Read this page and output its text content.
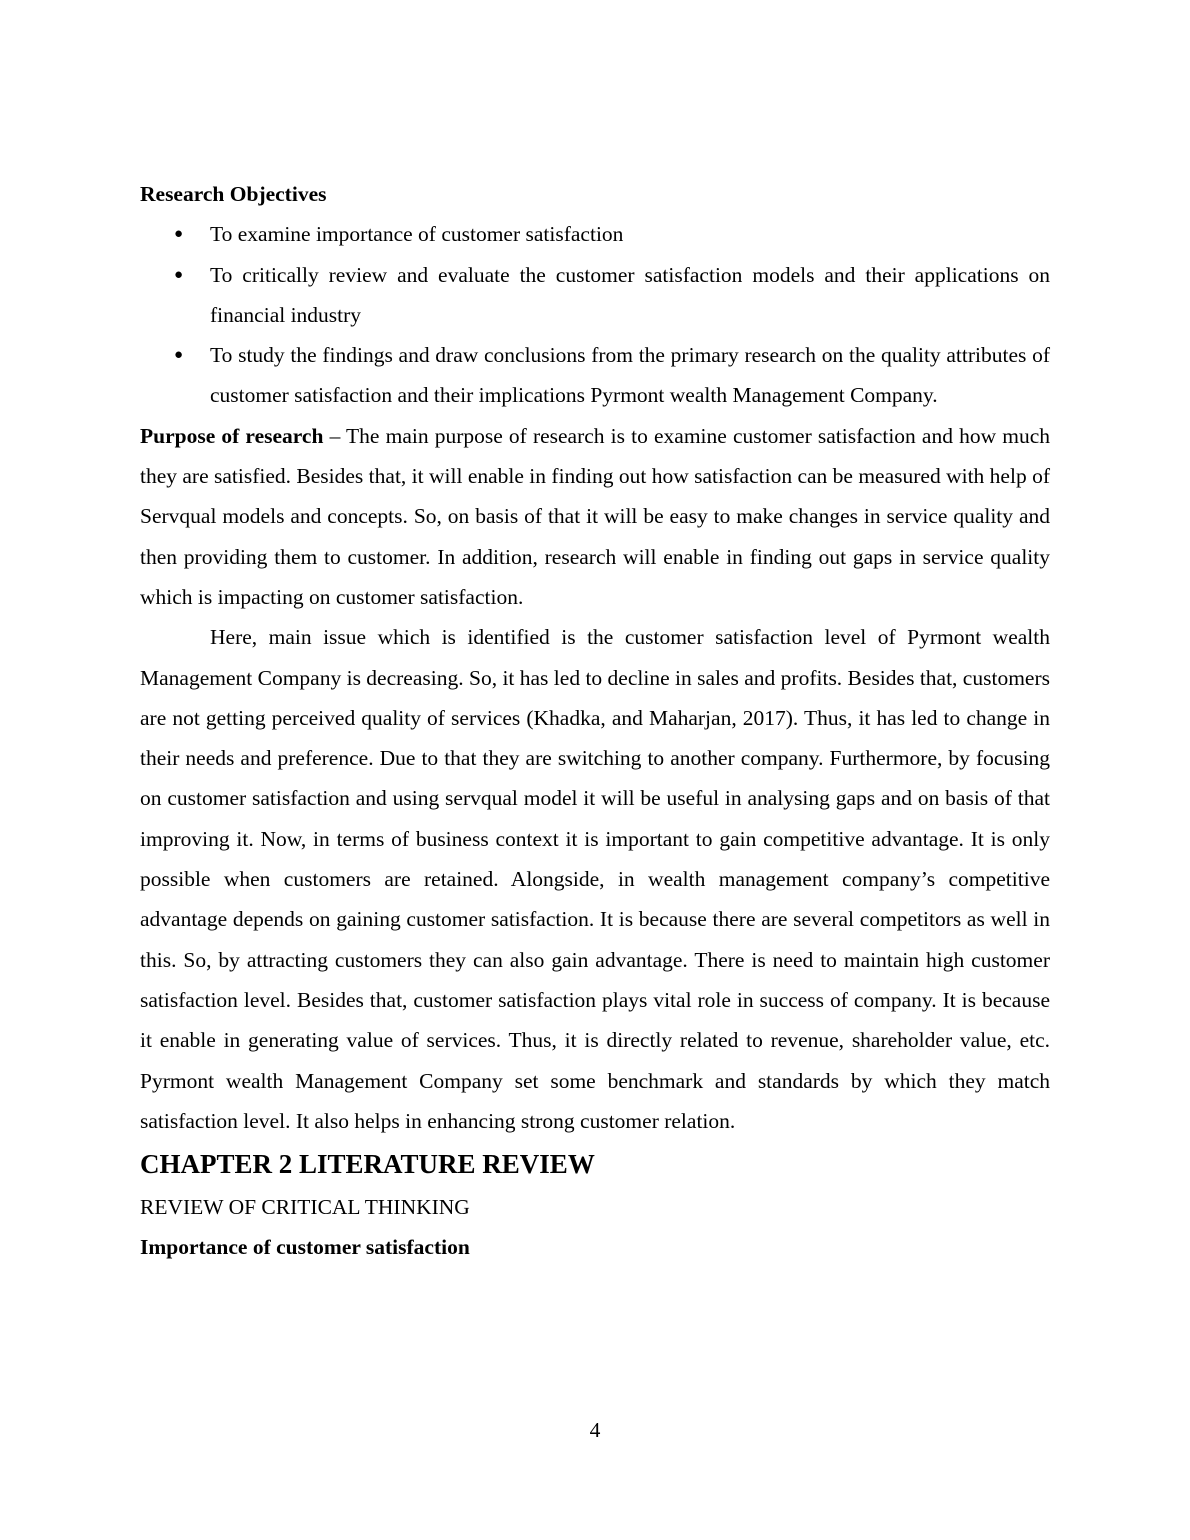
Research Objectives

● To examine importance of customer satisfaction
● To critically review and evaluate the customer satisfaction models and their applications on financial industry
● To study the findings and draw conclusions from the primary research on the quality attributes of customer satisfaction and their implications Pyrmont wealth Management Company.

Purpose of research – The main purpose of research is to examine customer satisfaction and how much they are satisfied. Besides that, it will enable in finding out how satisfaction can be measured with help of Servqual models and concepts. So, on basis of that it will be easy to make changes in service quality and then providing them to customer. In addition, research will enable in finding out gaps in service quality which is impacting on customer satisfaction.

Here, main issue which is identified is the customer satisfaction level of Pyrmont wealth Management Company is decreasing. So, it has led to decline in sales and profits. Besides that, customers are not getting perceived quality of services (Khadka, and Maharjan, 2017). Thus, it has led to change in their needs and preference. Due to that they are switching to another company. Furthermore, by focusing on customer satisfaction and using servqual model it will be useful in analysing gaps and on basis of that improving it. Now, in terms of business context it is important to gain competitive advantage. It is only possible when customers are retained. Alongside, in wealth management company’s competitive advantage depends on gaining customer satisfaction. It is because there are several competitors as well in this. So, by attracting customers they can also gain advantage. There is need to maintain high customer satisfaction level. Besides that, customer satisfaction plays vital role in success of company. It is because it enable in generating value of services. Thus, it is directly related to revenue, shareholder value, etc. Pyrmont wealth Management Company set some benchmark and standards by which they match satisfaction level. It also helps in enhancing strong customer relation.

CHAPTER 2 LITERATURE REVIEW

REVIEW OF CRITICAL THINKING

Importance of customer satisfaction

4
